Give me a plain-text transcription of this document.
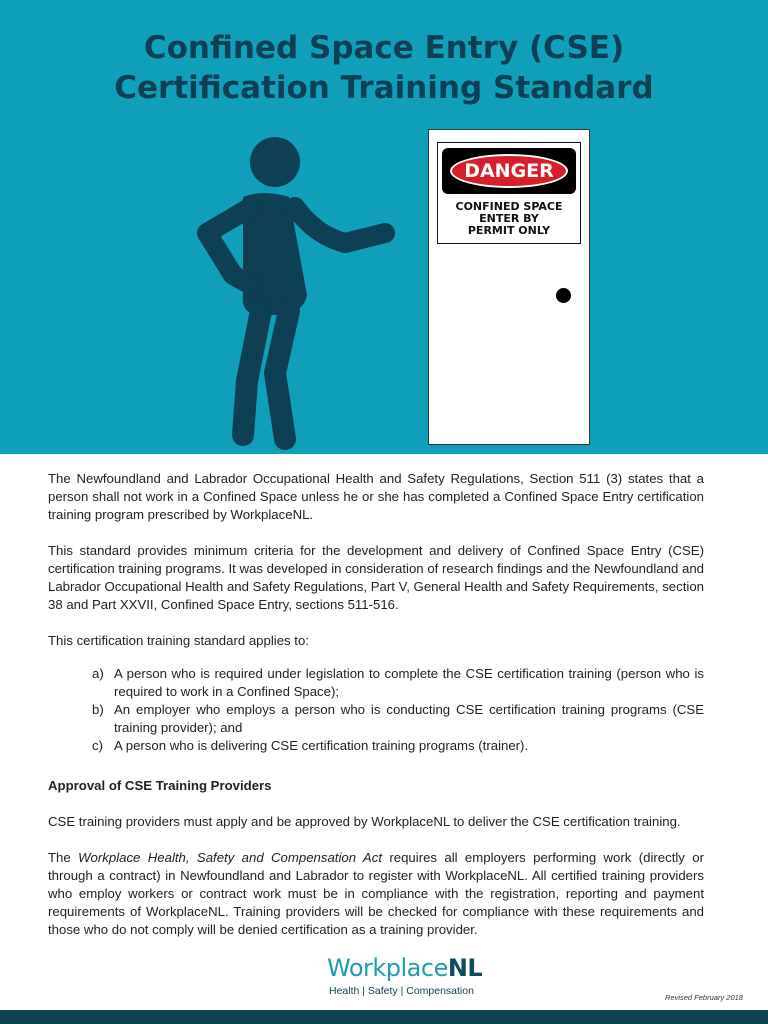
Confined Space Entry (CSE)
Certification Training Standard
DANGER
CONFINED SPACE
ENTER BY
PERMIT ONLY

The Newfoundland and Labrador Occupational Health and Safety Regulations, Section 511 (3) states that a person shall not work in a Confined Space unless he or she has completed a Confined Space Entry certification training program prescribed by WorkplaceNL.

This standard provides minimum criteria for the development and delivery of Confined Space Entry (CSE) certification training programs. It was developed in consideration of research findings and the Newfoundland and Labrador Occupational Health and Safety Regulations, Part V, General Health and Safety Requirements, section 38 and Part XXVII, Confined Space Entry, sections 511-516.

This certification training standard applies to:

a) A person who is required under legislation to complete the CSE certification training (person who is required to work in a Confined Space);
b) An employer who employs a person who is conducting CSE certification training programs (CSE training provider); and
c) A person who is delivering CSE certification training programs (trainer).

Approval of CSE Training Providers

CSE training providers must apply and be approved by WorkplaceNL to deliver the CSE certification training.

The Workplace Health, Safety and Compensation Act requires all employers performing work (directly or through a contract) in Newfoundland and Labrador to register with WorkplaceNL. All certified training providers who employ workers or contract work must be in compliance with the registration, reporting and payment requirements of WorkplaceNL. Training providers will be checked for compliance with these requirements and those who do not comply will be denied certification as a training provider.

WorkplaceNL
Health | Safety | Compensation
Revised February 2018
